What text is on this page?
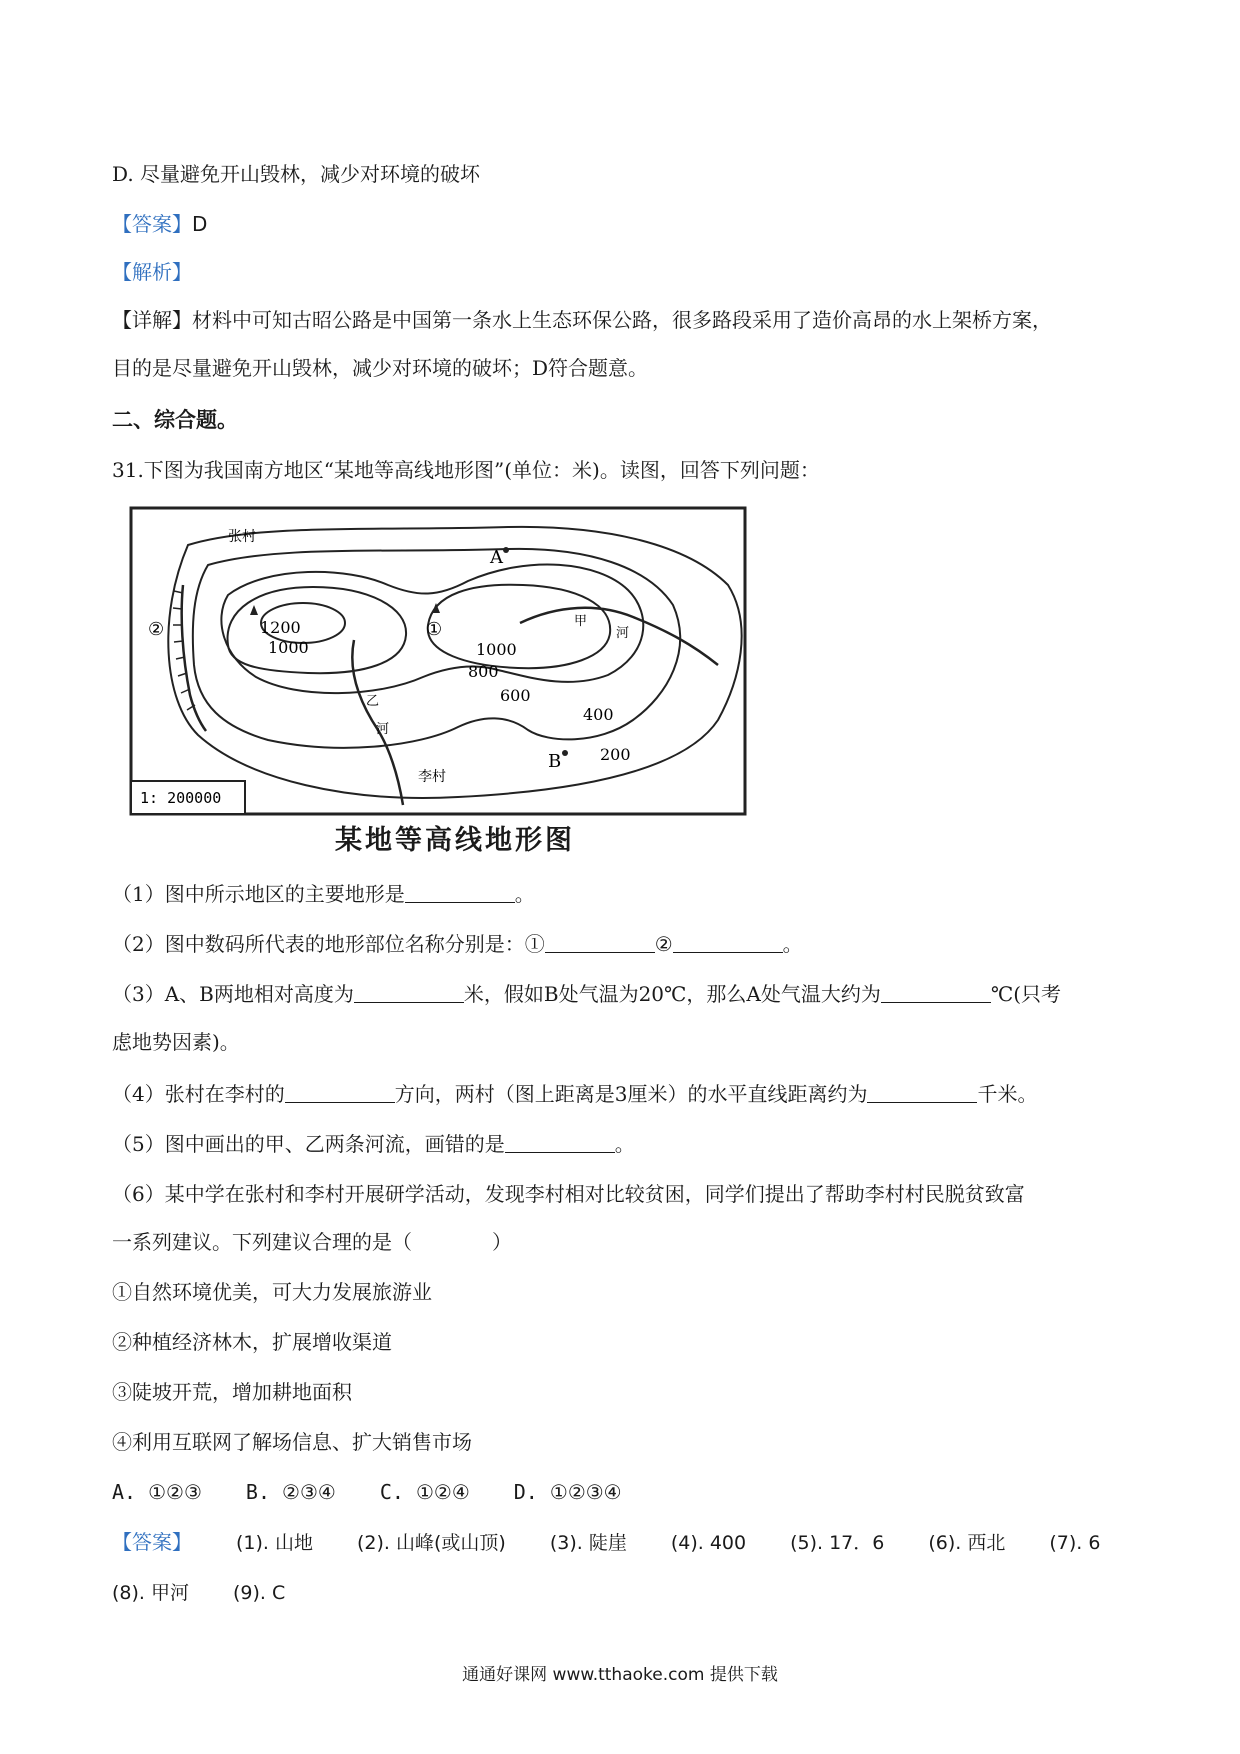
D. 尽量避免开山毁林，减少对环境的破坏
【答案】D
【解析】
【详解】材料中可知古昭公路是中国第一条水上生态环保公路，很多路段采用了造价高昂的水上架桥方案，
目的是尽量避免开山毁林，减少对环境的破坏；D符合题意。
二、综合题。
31.下图为我国南方地区“某地等高线地形图”(单位：米)。读图，回答下列问题：
1: 200000
1200
1000	1000
800
600
400
200
张村
李村
甲
河
乙
河
A
B
①
②
某地等高线地形图
（1）图中所示地区的主要地形是	。
（2）图中数码所代表的地形部位名称分别是：①	②	。
（3）A、B两地相对高度为	米，假如B处气温为20℃，那么A处气温大约为	℃(只考
虑地势因素)。
（4）张村在李村的	方向，两村（图上距离是3厘米）的水平直线距离约为	千米。
（5）图中画出的甲、乙两条河流，画错的是	。
（6）某中学在张村和李村开展研学活动，发现李村相对比较贫困，同学们提出了帮助李村村民脱贫致富
一系列建议。下列建议合理的是（　　　　）
①自然环境优美，可大力发展旅游业
②种植经济林木，扩展增收渠道
③陡坡开荒，增加耕地面积
④利用互联网了解场信息、扩大销售市场
A. ①②③ B. ②③④ C. ①②④ D. ①②③④
【答案】 (1). 山地 (2). 山峰(或山顶) (3). 陡崖 (4). 400 (5). 17．6 (6). 西北 (7). 6
(8). 甲河 (9). C
通通好课网 www.tthaoke.com 提供下载
